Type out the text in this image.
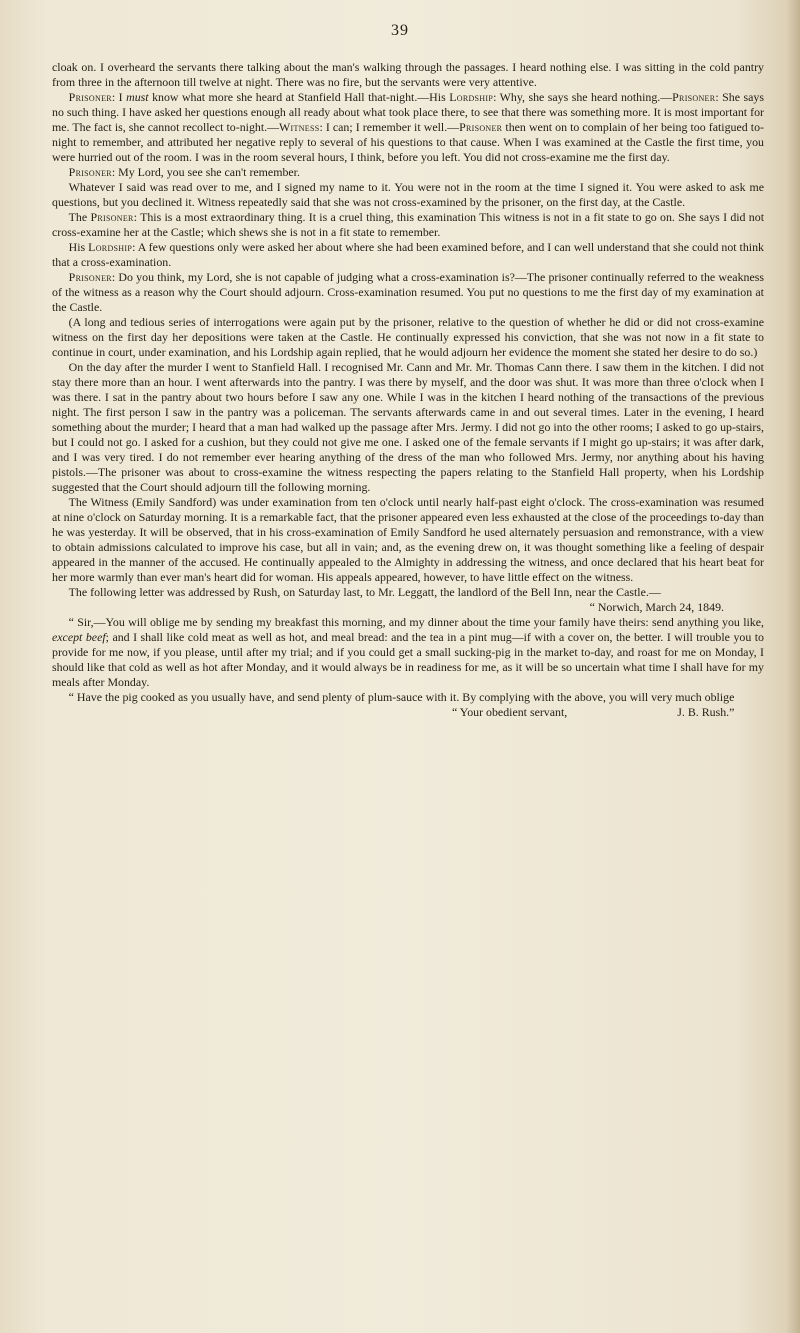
39

cloak on. I overheard the servants there talking about the man's walking through the passages. I heard nothing else. I was sitting in the cold pantry from three in the afternoon till twelve at night. There was no fire, but the servants were very attentive.

Prisoner: I must know what more she heard at Stanfield Hall that-night.—His Lordship: Why, she says she heard nothing.—Prisoner: She says no such thing. I have asked her questions enough all ready about what took place there, to see that there was something more. It is most important for me. The fact is, she cannot recollect to-night.—Witness: I can; I remember it well.—Prisoner then went on to complain of her being too fatigued to-night to remember, and attributed her negative reply to several of his questions to that cause. When I was examined at the Castle the first time, you were hurried out of the room. I was in the room several hours, I think, before you left. You did not cross-examine me the first day.

Prisoner: My Lord, you see she can't remember.

Whatever I said was read over to me, and I signed my name to it. You were not in the room at the time I signed it. You were asked to ask me questions, but you declined it. Witness repeatedly said that she was not cross-examined by the prisoner, on the first day, at the Castle.

The Prisoner: This is a most extraordinary thing. It is a cruel thing, this examination This witness is not in a fit state to go on. She says I did not cross-examine her at the Castle; which shews she is not in a fit state to remember.

His Lordship: A few questions only were asked her about where she had been examined before, and I can well understand that she could not think that a cross-examination.

Prisoner: Do you think, my Lord, she is not capable of judging what a cross-examination is?—The prisoner continually referred to the weakness of the witness as a reason why the Court should adjourn. Cross-examination resumed. You put no questions to me the first day of my examination at the Castle.

(A long and tedious series of interrogations were again put by the prisoner, relative to the question of whether he did or did not cross-examine witness on the first day her depositions were taken at the Castle. He continually expressed his conviction, that she was not now in a fit state to continue in court, under examination, and his Lordship again replied, that he would adjourn her evidence the moment she stated her desire to do so.)

On the day after the murder I went to Stanfield Hall. I recognised Mr. Cann and Mr. Mr. Thomas Cann there. I saw them in the kitchen. I did not stay there more than an hour. I went afterwards into the pantry. I was there by myself, and the door was shut. It was more than three o'clock when I was there. I sat in the pantry about two hours before I saw any one. While I was in the kitchen I heard nothing of the transactions of the previous night. The first person I saw in the pantry was a policeman. The servants afterwards came in and out several times. Later in the evening, I heard something about the murder; I heard that a man had walked up the passage after Mrs. Jermy. I did not go into the other rooms; I asked to go up-stairs, but I could not go. I asked for a cushion, but they could not give me one. I asked one of the female servants if I might go up-stairs; it was after dark, and I was very tired. I do not remember ever hearing anything of the dress of the man who followed Mrs. Jermy, nor anything about his having pistols.—The prisoner was about to cross-examine the witness respecting the papers relating to the Stanfield Hall property, when his Lordship suggested that the Court should adjourn till the following morning.

The Witness (Emily Sandford) was under examination from ten o'clock until nearly half-past eight o'clock. The cross-examination was resumed at nine o'clock on Saturday morning. It is a remarkable fact, that the prisoner appeared even less exhausted at the close of the proceedings to-day than he was yesterday. It will be observed, that in his cross-examination of Emily Sandford he used alternately persuasion and remonstrance, with a view to obtain admissions calculated to improve his case, but all in vain; and, as the evening drew on, it was thought something like a feeling of despair appeared in the manner of the accused. He continually appealed to the Almighty in addressing the witness, and once declared that his heart beat for her more warmly than ever man's heart did for woman. His appeals appeared, however, to have little effect on the witness.

The following letter was addressed by Rush, on Saturday last, to Mr. Leggatt, the landlord of the Bell Inn, near the Castle.—

“ Norwich, March 24, 1849.

“ Sir,—You will oblige me by sending my breakfast this morning, and my dinner about the time your family have theirs: send anything you like, except beef; and I shall like cold meat as well as hot, and meal bread: and the tea in a pint mug—if with a cover on, the better. I will trouble you to provide for me now, if you please, until after my trial; and if you could get a small sucking-pig in the market to-day, and roast for me on Monday, I should like that cold as well as hot after Monday, and it would always be in readiness for me, as it will be so uncertain what time I shall have for my meals after Monday.

“ Have the pig cooked as you usually have, and send plenty of plum-sauce with it. By complying with the above, you will very much oblige

“ Your obedient servant,	J. B. Rush.”
